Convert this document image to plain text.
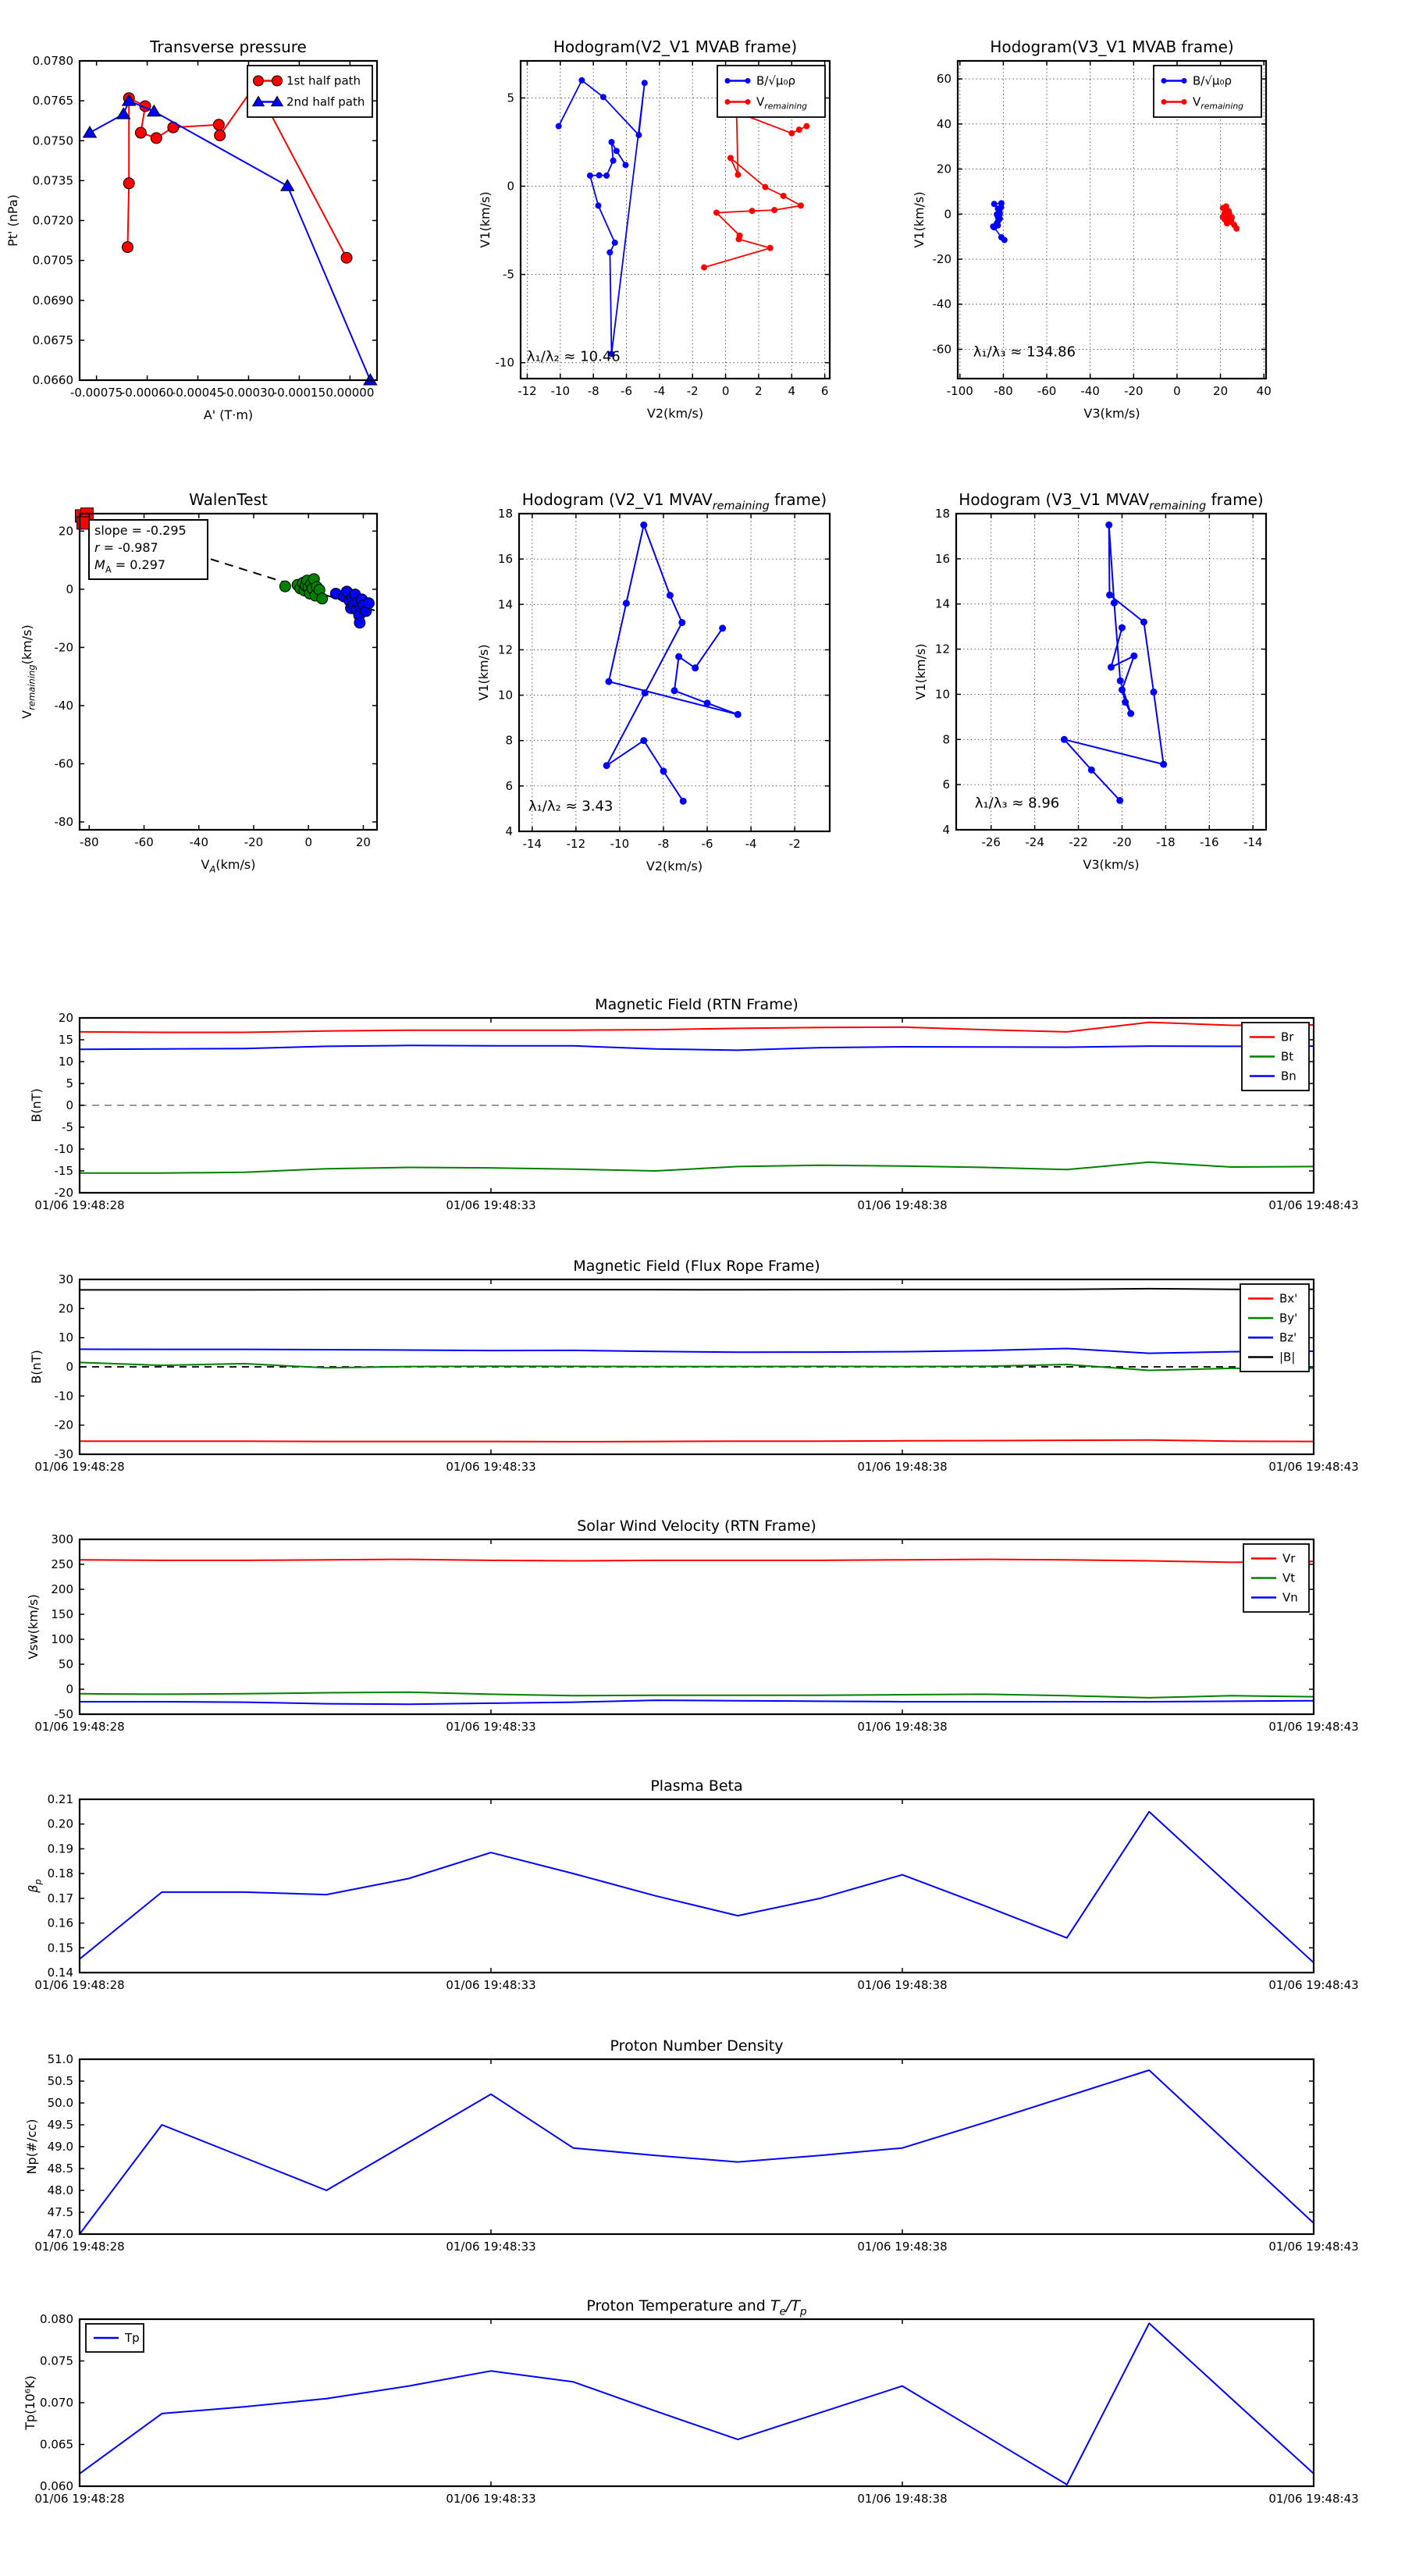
-0.00075
-0.00060
-0.00045
-0.00030
-0.00015 0.00000
0.0660
0.0675
0.0690
0.0705
0.0720
0.0735
0.0750
0.0765
0.0780
Transverse pressure
A' (T·m)
Pt' (nPa)
1st half path
2nd half path
-12 -10 -8 -6 -4 -2 0 2 4 6
-10
-5
0
5
Hodogram(V2_V1 MVAB frame)
V2(km/s)
V1(km/s)
λ₁/λ₂ ≈ 10.46
B/√μ₀ρ
$V_{remaining}$
-100 -80 -60 -40 -20	0	20 40
-60
-40
-20
0
20
40
60
Hodogram(V3_V1 MVAB frame)
V3(km/s)
V1(km/s)
λ₁/λ₃ ≈ 134.86
B/√μ₀ρ
$V_{remaining}$
-80	-60	-40	-20	0	20
20
0
-20
-40
-60
-80
WalenTest
$V_A(km/s)$
$V_{remaining}(km/s)$
slope = -0.295
r = -0.987
$M_A = 0.297$
-14 -12 -10 -8	-6	-4	-2
4
6
8
10
12
14
16
18
Hodogram (V2_V1 $MVAV_{remaining}$ frame)
V2(km/s)
V1(km/s)
λ₁/λ₂ ≈ 3.43
-26 -24 -22 -20 -18 -16 -14
4
6
8
10
12
14
16
18
Hodogram (V3_V1 $MVAV_{remaining}$ frame)
V3(km/s)
V1(km/s)
λ₁/λ₃ ≈ 8.96
01/06 19:48:28	01/06 19:48:33	01/06 19:48:38	01/06 19:48:43
-20
-15
-10
-5
0
5
10
15
20
Magnetic Field (RTN Frame)
B(nT)
Br
Bt
Bn
01/06 19:48:28	01/06 19:48:33	01/06 19:48:38	01/06 19:48:43
-30
-20
-10
0
10
20
30
Magnetic Field (Flux Rope Frame)
B(nT)
Bx'
By'
Bz'
|B|
01/06 19:48:28	01/06 19:48:33	01/06 19:48:38	01/06 19:48:43
-50
0
50
100
150
200
250
300
Solar Wind Velocity (RTN Frame)
Vsw(km/s)
Vr
Vt
Vn
01/06 19:48:28	01/06 19:48:33	01/06 19:48:38	01/06 19:48:43
0.14
0.15
0.16
0.17
0.18
0.19
0.20
0.21
Plasma Beta
$\beta_p$
01/06 19:48:28	01/06 19:48:33	01/06 19:48:38	01/06 19:48:43
47.0
47.5
48.0
48.5
49.0
49.5
50.0
50.5
51.0
Proton Number Density
Np(#/cc)
01/06 19:48:28	01/06 19:48:33	01/06 19:48:38	01/06 19:48:43
0.060
0.065
0.070
0.075
0.080
Proton Temperature and $T_e/T_p$
Tp(10⁶K)
Tp
